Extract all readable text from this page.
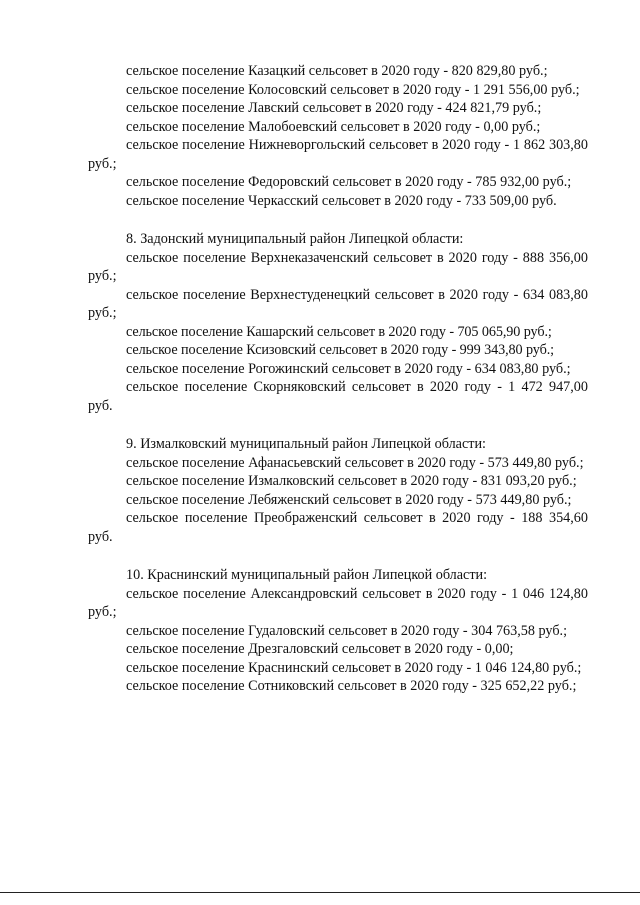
сельское поселение Казацкий сельсовет в 2020 году - 820 829,80 руб.;

сельское поселение Колосовский сельсовет в 2020 году - 1 291 556,00 руб.;

сельское поселение Лавский сельсовет в 2020 году - 424 821,79 руб.;

сельское поселение Малобоевский сельсовет в 2020 году - 0,00 руб.;

сельское поселение Нижневоргольский сельсовет в 2020 году - 1 862 303,80 руб.;

сельское поселение Федоровский сельсовет в 2020 году - 785 932,00 руб.;

сельское поселение Черкасский сельсовет в 2020 году - 733 509,00 руб.

8. Задонский муниципальный район Липецкой области:

сельское поселение Верхнеказаченский сельсовет в 2020 году - 888 356,00 руб.;

сельское поселение Верхнестуденецкий сельсовет в 2020 году - 634 083,80 руб.;

сельское поселение Кашарский сельсовет в 2020 году - 705 065,90 руб.;

сельское поселение Ксизовский сельсовет в 2020 году - 999 343,80 руб.;

сельское поселение Рогожинский сельсовет в 2020 году - 634 083,80 руб.;

сельское поселение Скорняковский сельсовет в 2020 году - 1 472 947,00 руб.

9. Измалковский муниципальный район Липецкой области:

сельское поселение Афанасьевский сельсовет в 2020 году - 573 449,80 руб.;

сельское поселение Измалковский сельсовет в 2020 году - 831 093,20 руб.;

сельское поселение Лебяженский сельсовет в 2020 году - 573 449,80 руб.;

сельское поселение Преображенский сельсовет в 2020 году - 188 354,60 руб.

10. Краснинский муниципальный район Липецкой области:

сельское поселение Александровский сельсовет в 2020 году - 1 046 124,80 руб.;

сельское поселение Гудаловский сельсовет в 2020 году - 304 763,58 руб.;

сельское поселение Дрезгаловский сельсовет в 2020 году - 0,00;

сельское поселение Краснинский сельсовет в 2020 году - 1 046 124,80 руб.;

сельское поселение Сотниковский сельсовет в 2020 году - 325 652,22 руб.;
